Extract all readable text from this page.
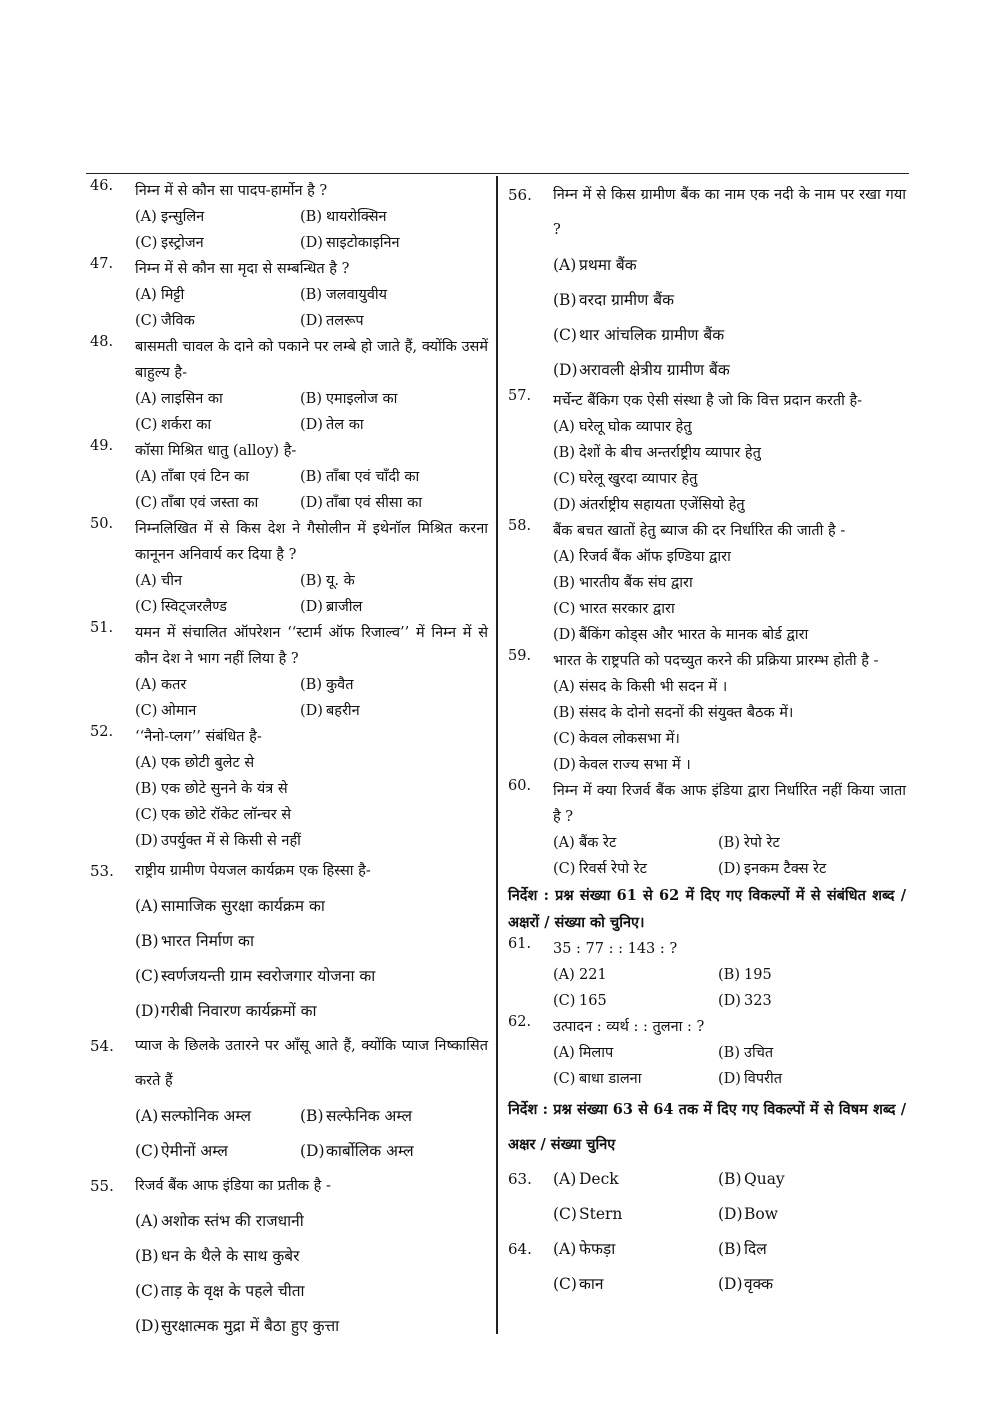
46.	निम्न में से कौन सा पादप-हार्मोन है ?
(A) इन्सुलिन	(B) थायरोक्सिन
(C) इस्ट्रोजन	(D) साइटोकाइनिन
47.	निम्न में से कौन सा मृदा से सम्बन्धित है ?
(A) मिट्टी	(B) जलवायुवीय
(C) जैविक	(D) तलरूप
48.	बासमती चावल के दाने को पकाने पर लम्बे हो जाते हैं, क्योंकि उसमें बाहुल्य है-
(A) लाइसिन का	(B) एमाइलोज का
(C) शर्करा का	(D) तेल का
49.	कॉसा मिश्रित धातु (alloy) है-
(A) ताँबा एवं टिन का	(B) ताँबा एवं चाँदी का
(C) ताँबा एवं जस्ता का	(D) ताँबा एवं सीसा का
50.	निम्नलिखित में से किस देश ने गैसोलीन में इथेनॉल मिश्रित करना कानूनन अनिवार्य कर दिया है ?
(A) चीन	(B) यू. के
(C) स्विट्जरलैण्ड	(D) ब्राजील
51.	यमन में संचालित ऑपरेशन ‘‘स्टार्म ऑफ रिजाल्व’’ में निम्न में से कौन देश ने भाग नहीं लिया है ?
(A) कतर	(B) कुवैत
(C) ओमान	(D) बहरीन
52.	‘‘नैनो-प्लग’’ संबंधित है-
(A) एक छोटी बुलेट से
(B) एक छोटे सुनने के यंत्र से
(C) एक छोटे रॉकेट लॉन्चर से
(D) उपर्युक्त में से किसी से नहीं
53.	राष्ट्रीय ग्रामीण पेयजल कार्यक्रम एक हिस्सा है-
(A) सामाजिक सुरक्षा कार्यक्रम का
(B) भारत निर्माण का
(C) स्वर्णजयन्ती ग्राम स्वरोजगार योजना का
(D)गरीबी निवारण कार्यक्रमों का
54.	प्याज के छिलके उतारने पर आँसू आते हैं, क्योंकि प्याज निष्कासित करते हैं
(A) सल्फोनिक अम्ल	(B) सल्फेनिक अम्ल
(C) ऐमीनों अम्ल	(D)कार्बोलिक अम्ल
55.	रिजर्व बैंक आफ इंडिया का प्रतीक है -
(A) अशोक स्तंभ की राजधानी
(B) धन के थैले के साथ कुबेर
(C) ताड़ के वृक्ष के पहले चीता
(D)सुरक्षात्मक मुद्रा में बैठा हुए कुत्ता
56.	निम्न में से किस ग्रामीण बैंक का नाम एक नदी के नाम पर रखा गया ?
(A) प्रथमा बैंक
(B) वरदा ग्रामीण बैंक
(C) थार आंचलिक ग्रामीण बैंक
(D)अरावली क्षेत्रीय ग्रामीण बैंक
57.	मर्चेन्ट बैंकिग एक ऐसी संस्था है जो कि वित्त प्रदान करती है-
(A) घरेलू घोक व्यापार हेतु
(B) देशों के बीच अन्तर्राष्ट्रीय व्यापार हेतु
(C) घरेलू खुरदा व्यापार हेतु
(D) अंतर्राष्ट्रीय सहायता एजेंसियो हेतु
58.	बैंक बचत खातों हेतु ब्याज की दर निर्धारित की जाती है -
(A) रिजर्व बैंक ऑफ इण्डिया द्वारा
(B) भारतीय बैंक संघ द्वारा
(C) भारत सरकार द्वारा
(D) बैंकिंग कोड्स और भारत के मानक बोर्ड द्वारा
59.	भारत के राष्ट्रपति को पदच्युत करने की प्रक्रिया प्रारम्भ होती है -
(A) संसद के किसी भी सदन में ।
(B) संसद के दोनो सदनों की संयुक्त बैठक में।
(C) केवल लोकसभा में।
(D) केवल राज्य सभा में ।
60.	निम्न में क्या रिजर्व बैंक आफ इंडिया द्वारा निर्धारित नहीं किया जाता है ?
(A) बैंक रेट	(B) रेपो रेट
(C) रिवर्स रेपो रेट	(D) इनकम टैक्स रेट
निर्देश : प्रश्न संख्या 61 से 62 में दिए गए विकल्पों में से संबंधित शब्द / अक्षरों / संख्या को चुनिए।
61.	35 : 77 : : 143 : ?
(A) 221	(B) 195
(C) 165	(D) 323
62.	उत्पादन : व्यर्थ : : तुलना : ?
(A) मिलाप	(B) उचित
(C) बाधा डालना	(D) विपरीत
निर्देश : प्रश्न संख्या 63 से 64 तक में दिए गए विकल्पों में से विषम शब्द / अक्षर / संख्या चुनिए
63.	(A) Deck	(B) Quay
(C) Stern	(D)Bow
64.	(A) फेफड़ा	(B) दिल
(C) कान	(D)वृक्क
